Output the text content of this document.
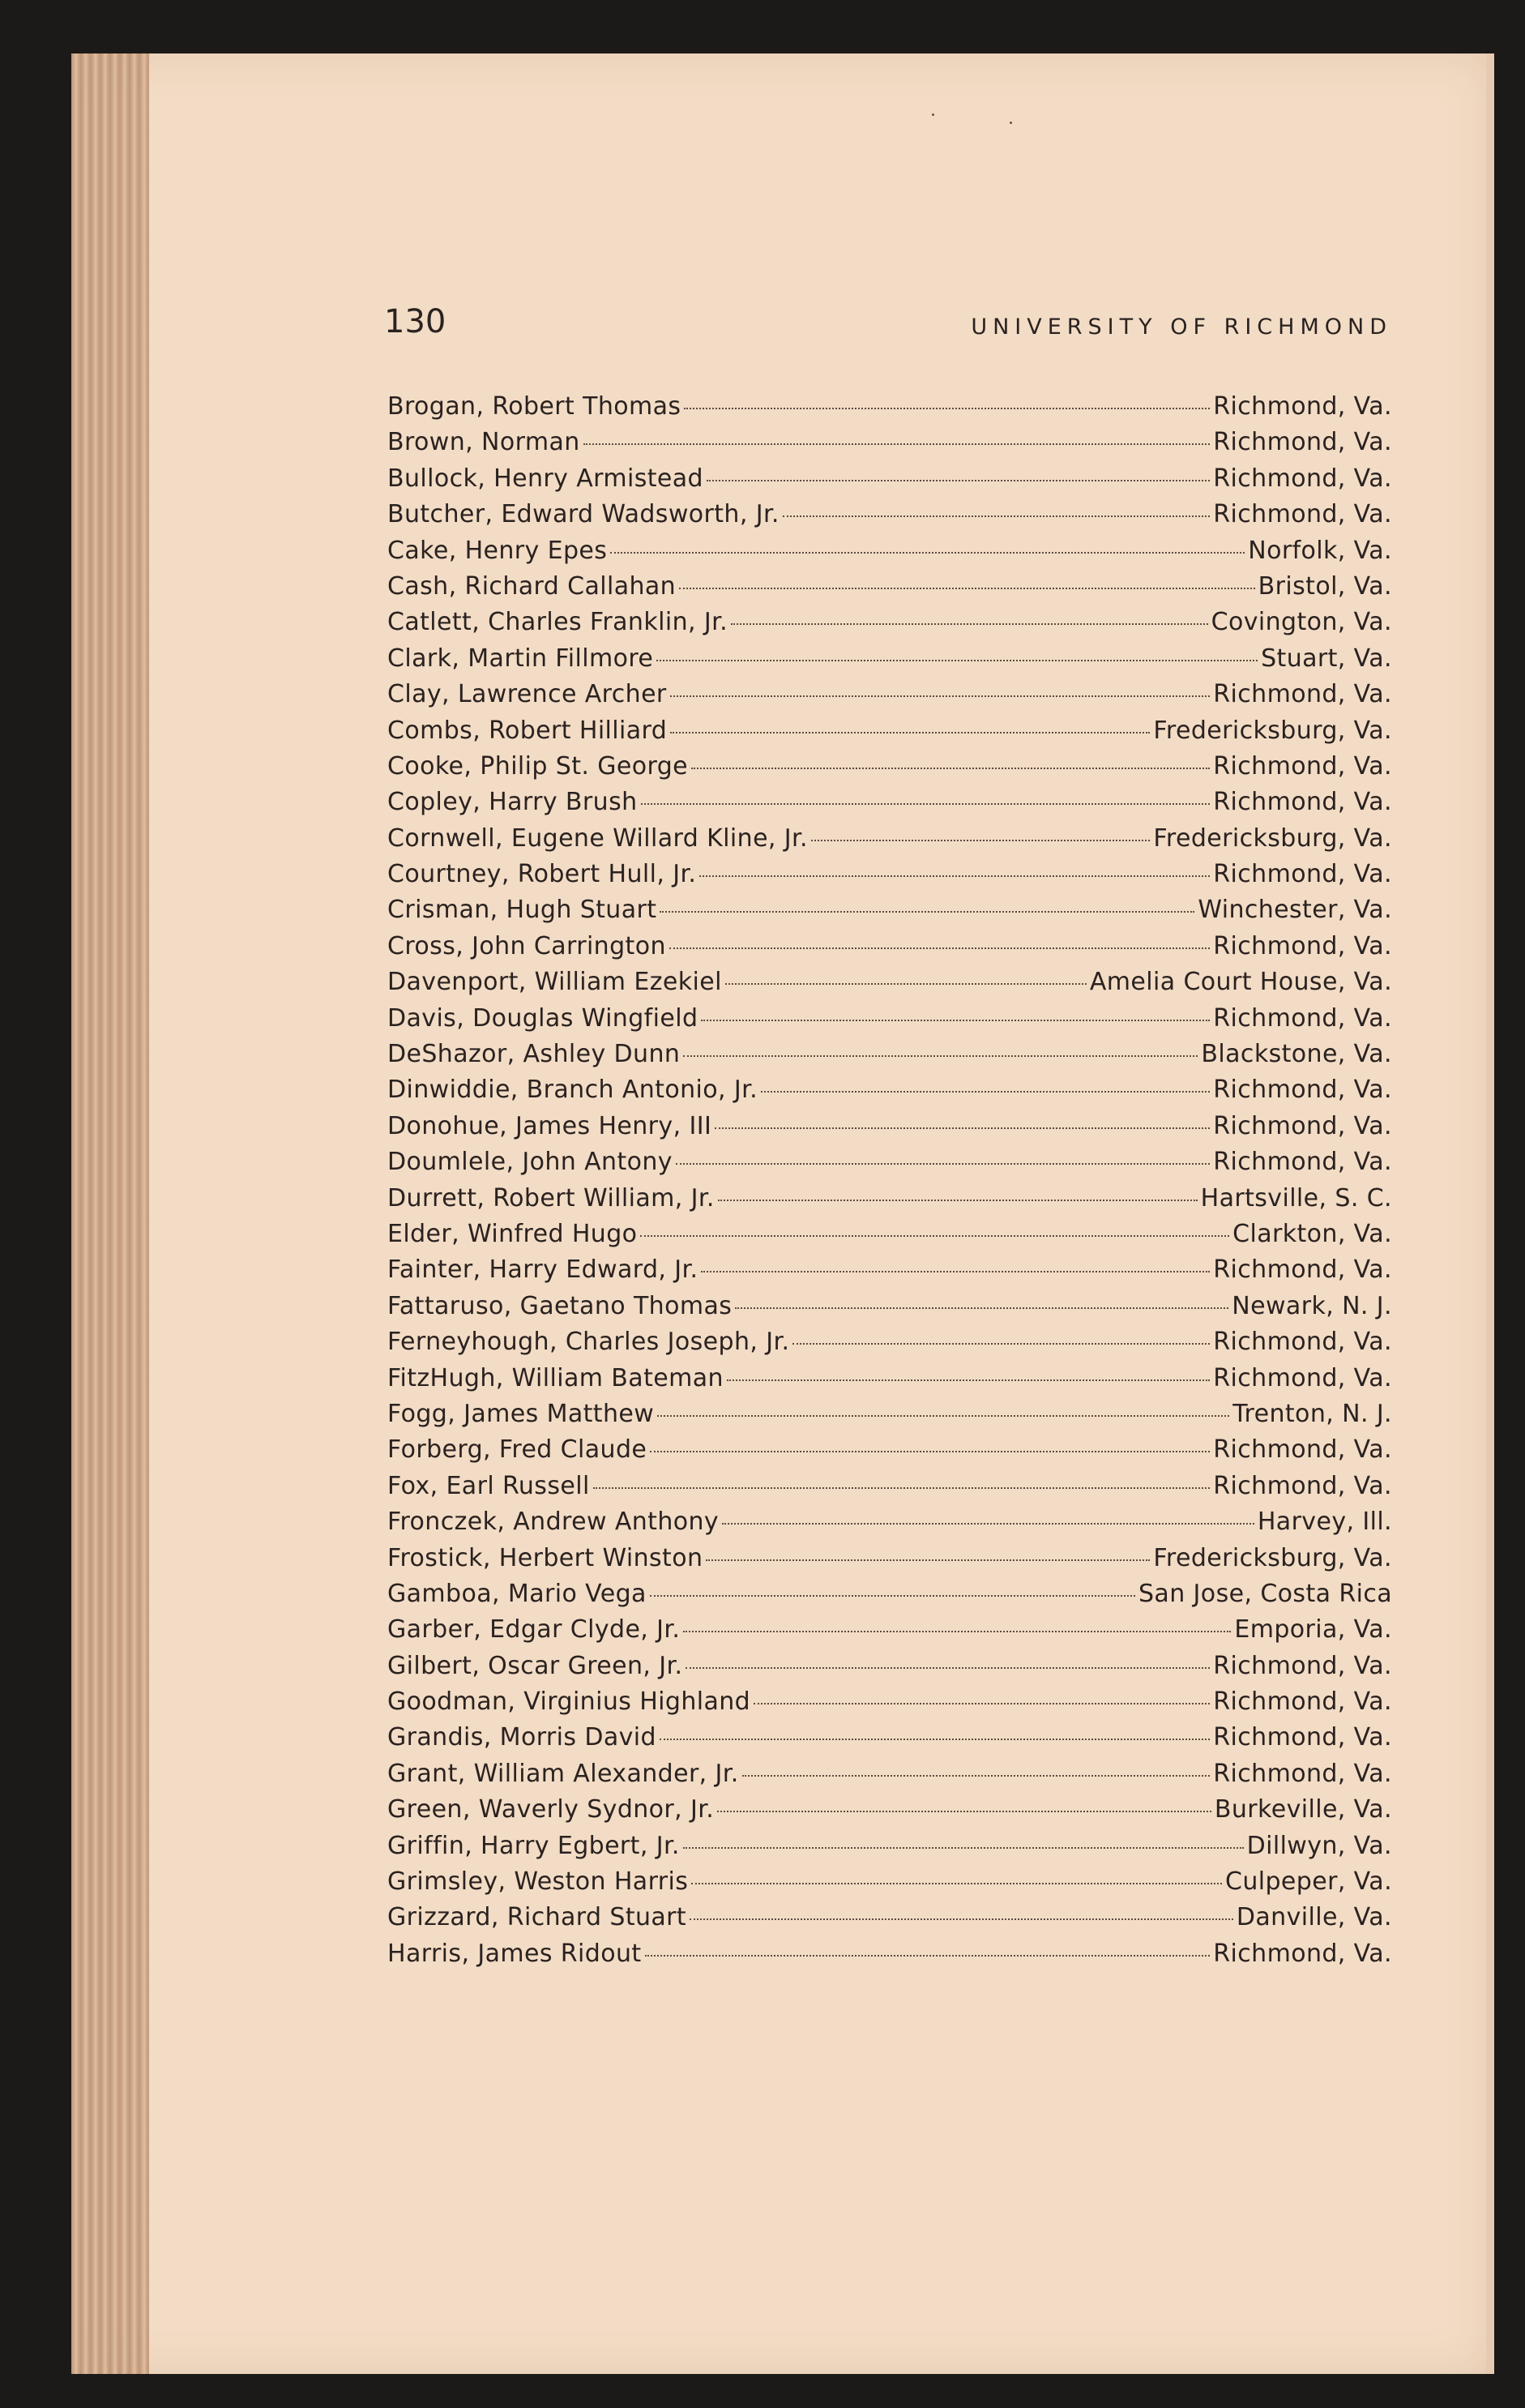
130	UNIVERSITY OF RICHMOND
Brogan, Robert Thomas	Richmond, Va.
Brown, Norman	Richmond, Va.
Bullock, Henry Armistead	Richmond, Va.
Butcher, Edward Wadsworth, Jr.	Richmond, Va.
Cake, Henry Epes	Norfolk, Va.
Cash, Richard Callahan	Bristol, Va.
Catlett, Charles Franklin, Jr.	Covington, Va.
Clark, Martin Fillmore	Stuart, Va.
Clay, Lawrence Archer	Richmond, Va.
Combs, Robert Hilliard	Fredericksburg, Va.
Cooke, Philip St. George	Richmond, Va.
Copley, Harry Brush	Richmond, Va.
Cornwell, Eugene Willard Kline, Jr.	Fredericksburg, Va.
Courtney, Robert Hull, Jr.	Richmond, Va.
Crisman, Hugh Stuart	Winchester, Va.
Cross, John Carrington	Richmond, Va.
Davenport, William Ezekiel	Amelia Court House, Va.
Davis, Douglas Wingfield	Richmond, Va.
DeShazor, Ashley Dunn	Blackstone, Va.
Dinwiddie, Branch Antonio, Jr.	Richmond, Va.
Donohue, James Henry, III	Richmond, Va.
Doumlele, John Antony	Richmond, Va.
Durrett, Robert William, Jr.	Hartsville, S. C.
Elder, Winfred Hugo	Clarkton, Va.
Fainter, Harry Edward, Jr.	Richmond, Va.
Fattaruso, Gaetano Thomas	Newark, N. J.
Ferneyhough, Charles Joseph, Jr.	Richmond, Va.
FitzHugh, William Bateman	Richmond, Va.
Fogg, James Matthew	Trenton, N. J.
Forberg, Fred Claude	Richmond, Va.
Fox, Earl Russell	Richmond, Va.
Fronczek, Andrew Anthony	Harvey, Ill.
Frostick, Herbert Winston	Fredericksburg, Va.
Gamboa, Mario Vega	San Jose, Costa Rica
Garber, Edgar Clyde, Jr.	Emporia, Va.
Gilbert, Oscar Green, Jr.	Richmond, Va.
Goodman, Virginius Highland	Richmond, Va.
Grandis, Morris David	Richmond, Va.
Grant, William Alexander, Jr.	Richmond, Va.
Green, Waverly Sydnor, Jr.	Burkeville, Va.
Griffin, Harry Egbert, Jr.	Dillwyn, Va.
Grimsley, Weston Harris	Culpeper, Va.
Grizzard, Richard Stuart	Danville, Va.
Harris, James Ridout	Richmond, Va.
